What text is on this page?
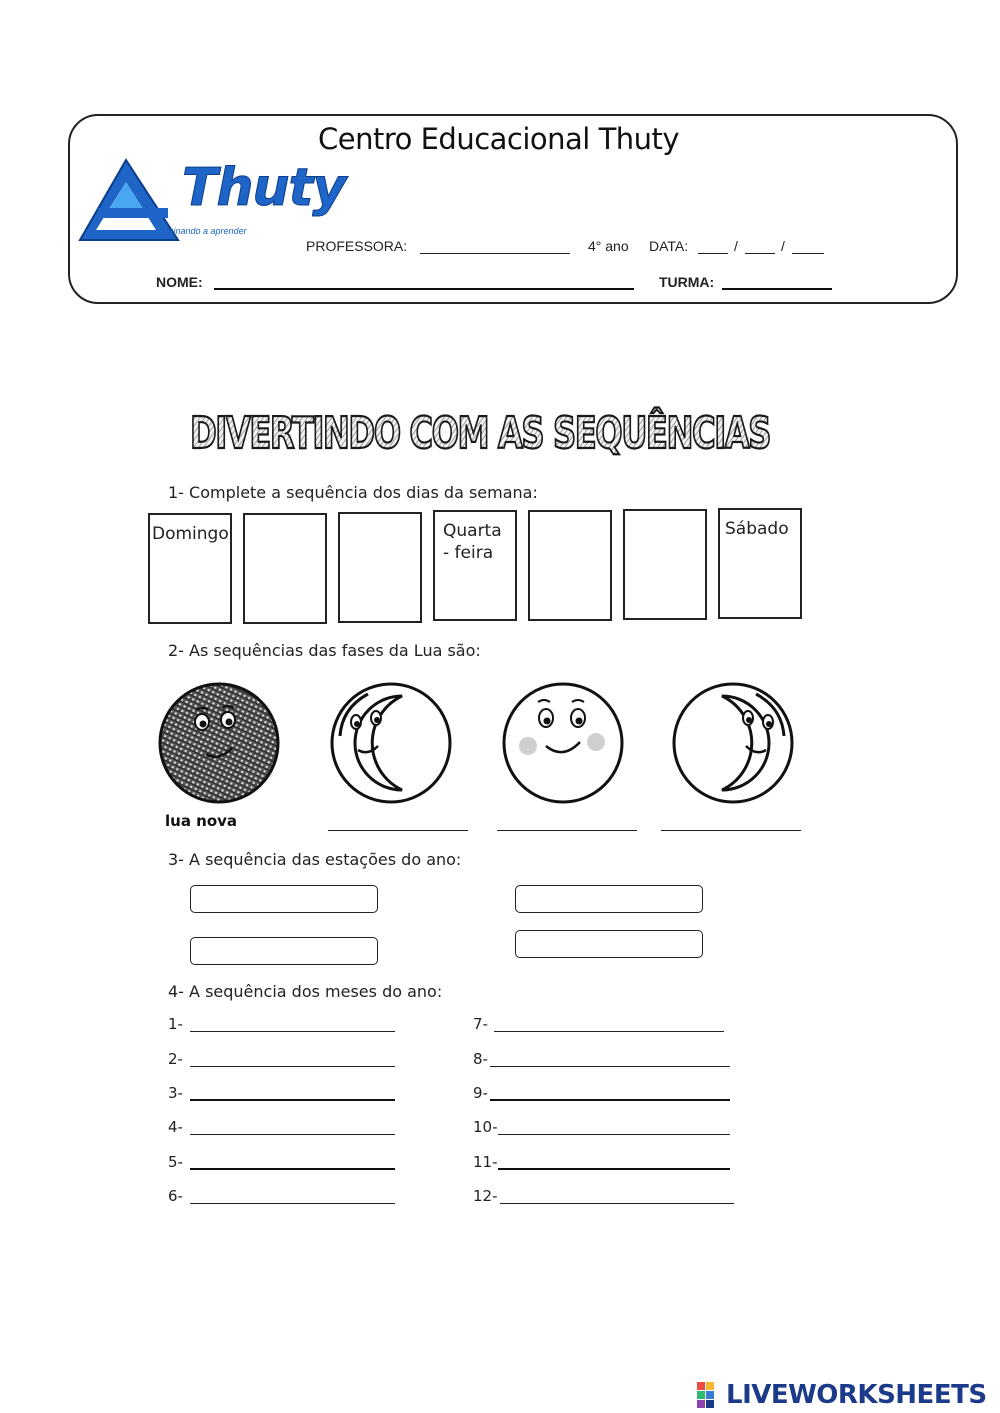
Centro Educacional Thuty
Thuty
Ensinando a aprender
PROFESSORA:	4° ano DATA:	/	/
NOME:	TURMA:
DIVERTINDO COM AS SEQUÊNCIAS
1- Complete a sequência dos dias da semana:
Domingo	Quarta
- feira
Sábado
2- As sequências das fases da Lua são:
lua nova
3- A sequência das estações do ano:
4- A sequência dos meses do ano:
1-
2-
3-
4-
5-
6-
7-
8-
9-
10-
11-
12-
LIVEWORKSHEETS
